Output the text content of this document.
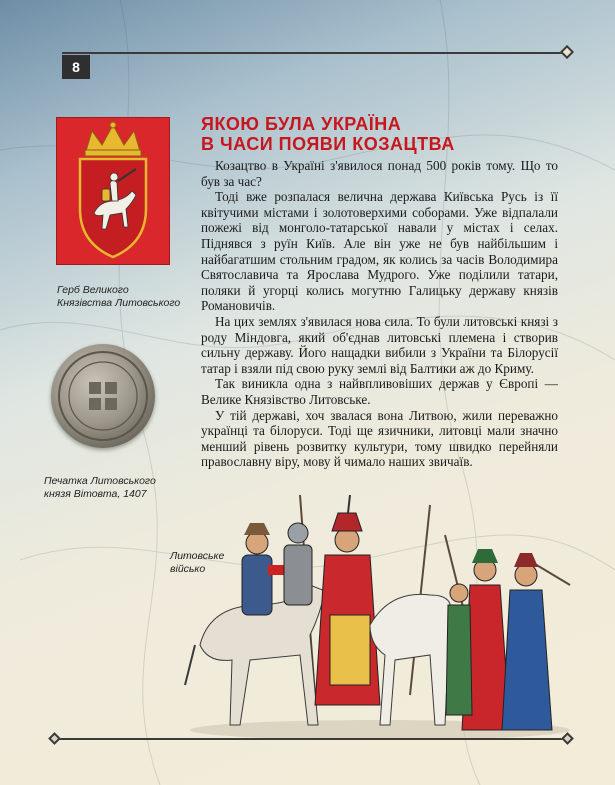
8
Герб Великого
Князівства Литовського
Печатка Литовського
князя Вітовта, 1407
ЯКОЮ БУЛА УКРАЇНА
В ЧАСИ ПОЯВИ КОЗАЦТВА

Козацтво в Україні з'явилося понад 500 років тому. Що то був за час?

Тоді вже розпалася велична держава Київська Русь із її квітучими містами і золотоверхими соборами. Уже відпалали пожежі від монголо-татарської навали у містах і селах. Піднявся з руїн Київ. Але він уже не був найбільшим і найбагатшим стольним градом, як колись за часів Володимира Святославича та Ярослава Мудрого. Уже поділили татари, поляки й угорці колись могутню Галицьку державу князів Романовичів.

На цих землях з'явилася нова сила. То були литовські князі з роду Міндовга, який об'єднав литовські племена і створив сильну державу. Його нащадки вибили з України та Білорусії татар і взяли під свою руку землі від Балтики аж до Криму.

Так виникла одна з найвпливовіших держав у Європі — Велике Князівство Литовське.

У тій державі, хоч звалася вона Литвою, жили переважно українці та білоруси. Тоді ще язичники, литовці мали значно менший рівень розвитку культури, тому швидко перейняли православну віру, мову й чимало наших звичаїв.

Литовське
військо
